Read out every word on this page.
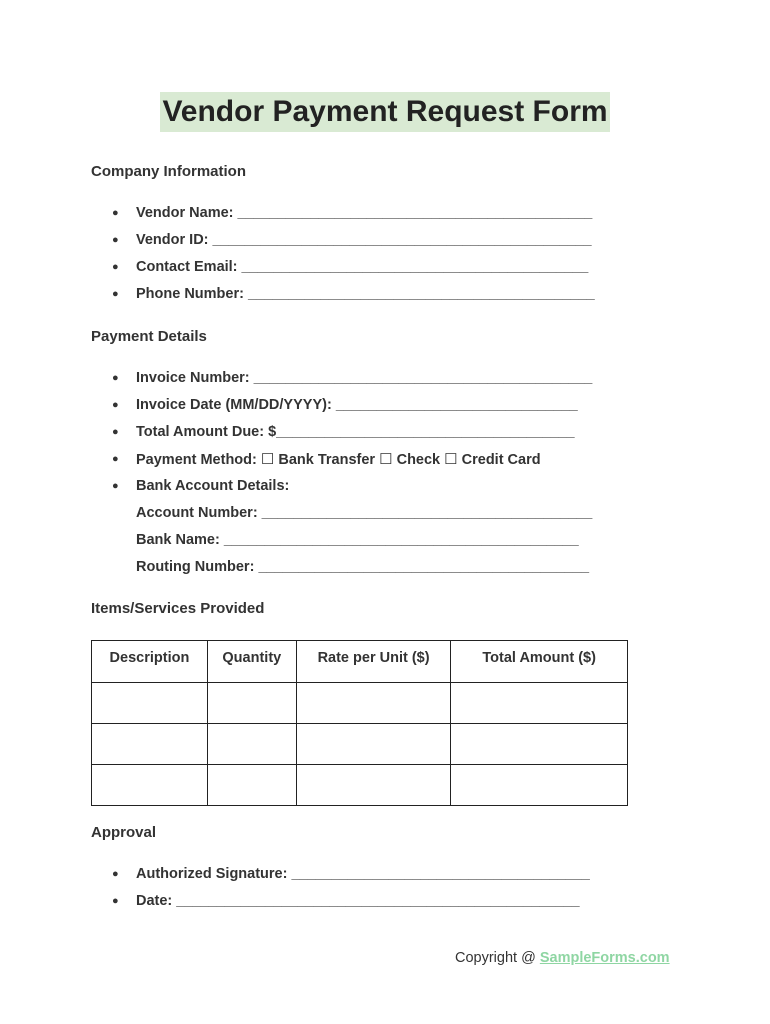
Vendor Payment Request Form
Company Information
● Vendor Name: ____________________________________________
● Vendor ID: _______________________________________________
● Contact Email: ___________________________________________
● Phone Number: ___________________________________________
Payment Details
● Invoice Number: __________________________________________
● Invoice Date (MM/DD/YYYY): ______________________________
● Total Amount Due: $_____________________________________
● Payment Method: ☐ Bank Transfer ☐ Check ☐ Credit Card
● Bank Account Details:
Account Number: _________________________________________
Bank Name: ____________________________________________
Routing Number: _________________________________________
Items/Services Provided
Description	Quantity	Rate per Unit ($)	Total Amount ($)

Approval
● Authorized Signature: _____________________________________
● Date: __________________________________________________
Copyright @ SampleForms.com
